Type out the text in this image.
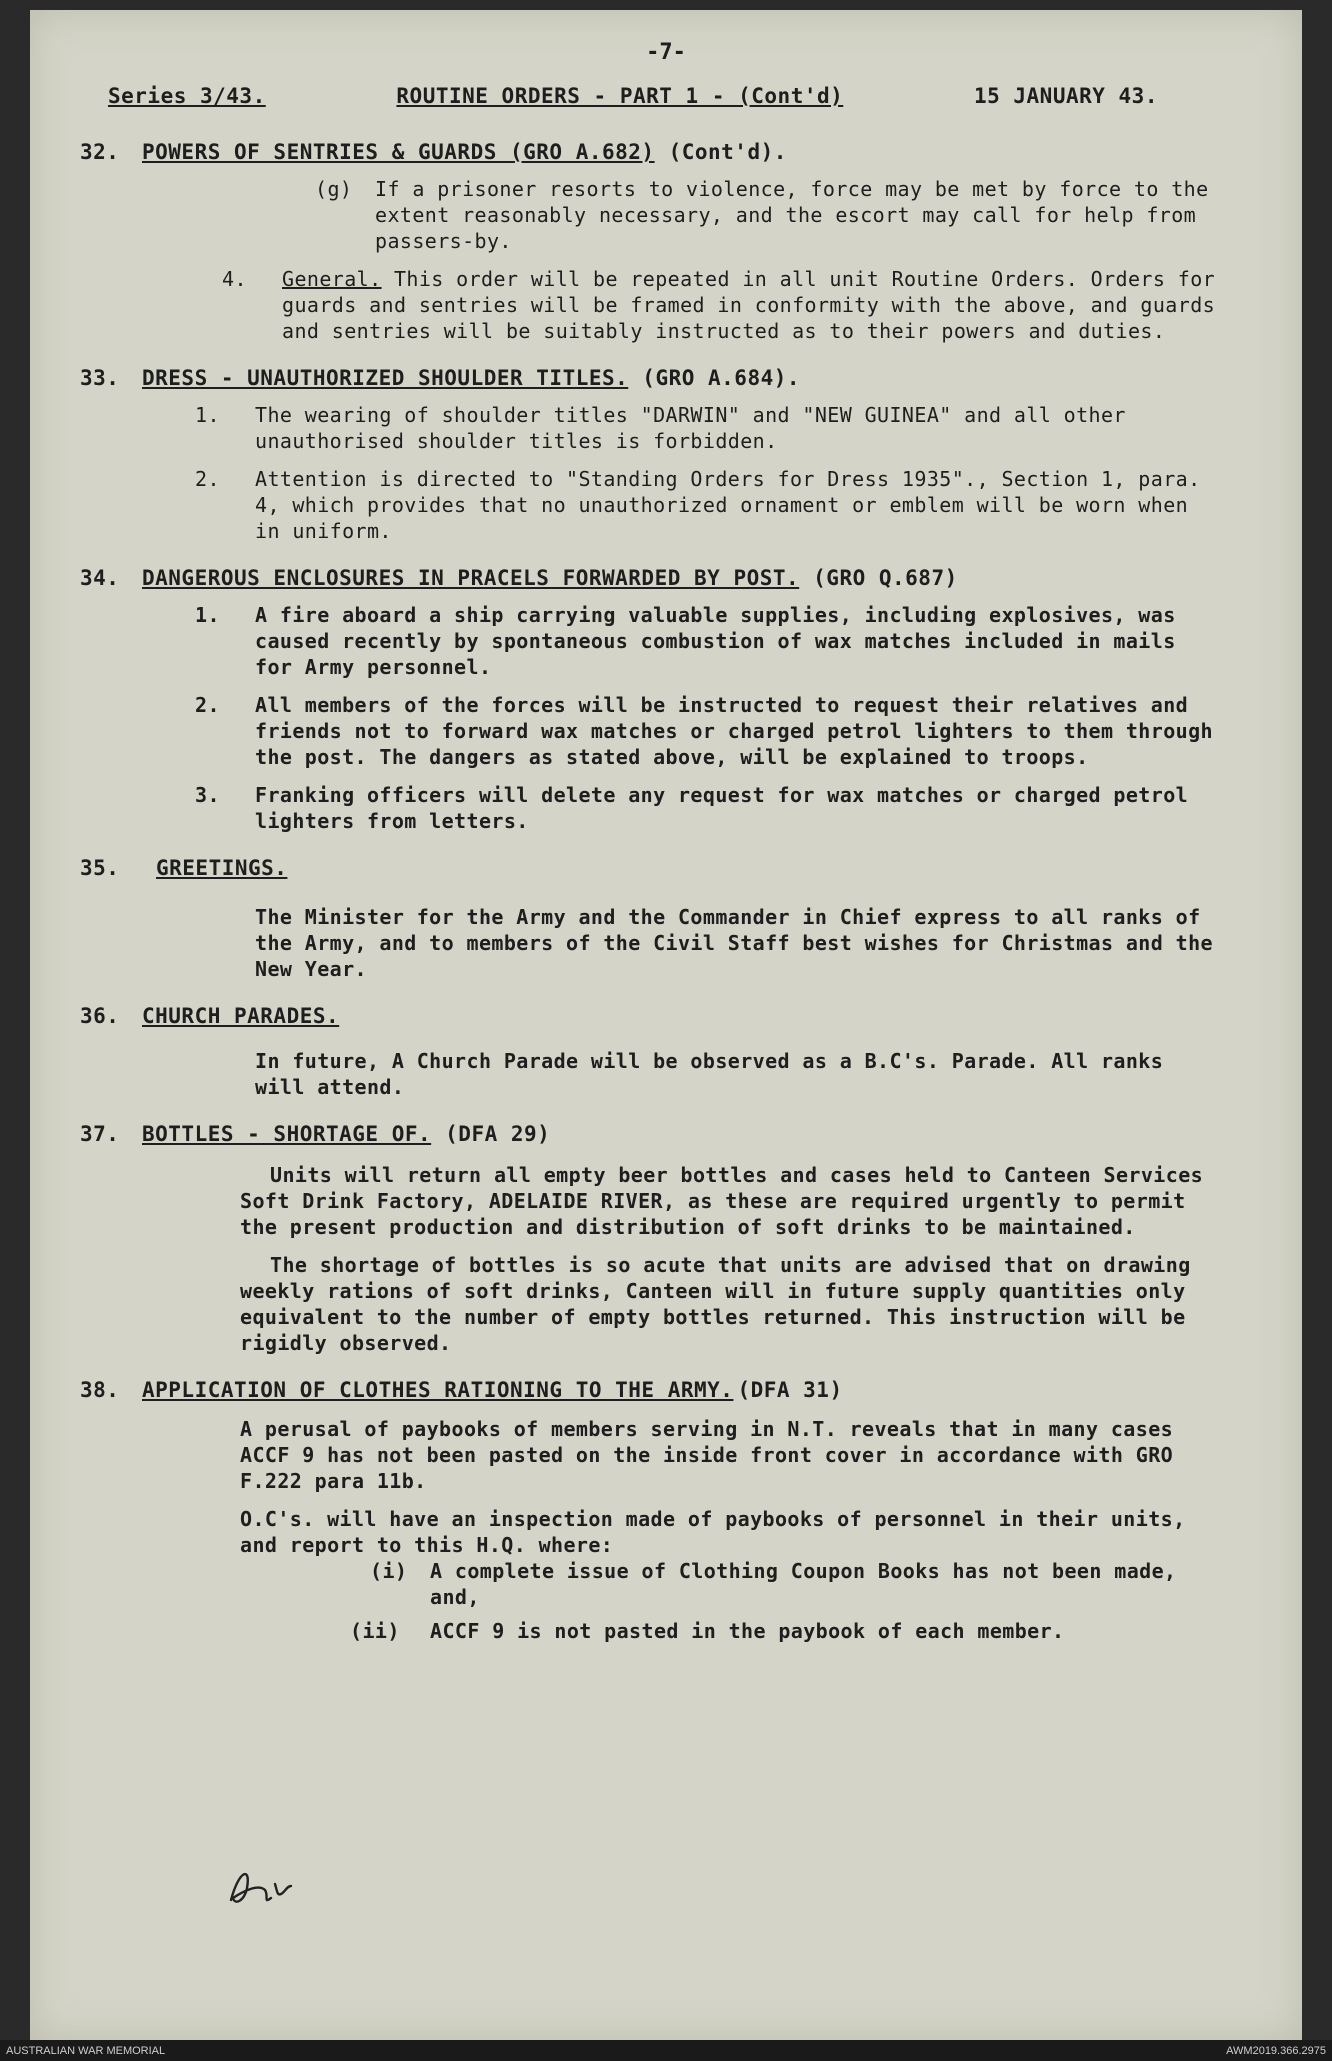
-7-
Series 3/43.	ROUTINE ORDERS - PART 1 - (Cont'd)	15 JANUARY 43.
32.	POWERS OF SENTRIES & GUARDS (GRO A.682) (Cont'd).
(g)	If a prisoner resorts to violence, force may be met by force to the extent reasonably necessary, and the escort may call for help from passers-by.
4.	General. This order will be repeated in all unit Routine Orders. Orders for guards and sentries will be framed in conformity with the above, and guards and sentries will be suitably instructed as to their powers and duties.
33.	DRESS - UNAUTHORIZED SHOULDER TITLES. (GRO A.684).
1.	The wearing of shoulder titles "DARWIN" and "NEW GUINEA" and all other unauthorised shoulder titles is forbidden.
2.	Attention is directed to "Standing Orders for Dress 1935"., Section 1, para. 4, which provides that no unauthorized ornament or emblem will be worn when in uniform.
34.	DANGEROUS ENCLOSURES IN PRACELS FORWARDED BY POST. (GRO Q.687)
1.	A fire aboard a ship carrying valuable supplies, including explosives, was caused recently by spontaneous combustion of wax matches included in mails for Army personnel.
2.	All members of the forces will be instructed to request their relatives and friends not to forward wax matches or charged petrol lighters to them through the post. The dangers as stated above, will be explained to troops.
3.	Franking officers will delete any request for wax matches or charged petrol lighters from letters.
35.	GREETINGS.
The Minister for the Army and the Commander in Chief express to all ranks of the Army, and to members of the Civil Staff best wishes for Christmas and the New Year.
36.	CHURCH PARADES.
In future, A Church Parade will be observed as a B.C's. Parade. All ranks will attend.
37.	BOTTLES - SHORTAGE OF. (DFA 29)
Units will return all empty beer bottles and cases held to Canteen Services Soft Drink Factory, ADELAIDE RIVER, as these are required urgently to permit the present production and distribution of soft drinks to be maintained.
The shortage of bottles is so acute that units are advised that on drawing weekly rations of soft drinks, Canteen will in future supply quantities only equivalent to the number of empty bottles returned. This instruction will be rigidly observed.
38.	APPLICATION OF CLOTHES RATIONING TO THE ARMY. (DFA 31)
A perusal of paybooks of members serving in N.T. reveals that in many cases ACCF 9 has not been pasted on the inside front cover in accordance with GRO F.222 para 11b.
O.C's. will have an inspection made of paybooks of personnel in their units, and report to this H.Q. where:
(i)	A complete issue of Clothing Coupon Books has not been made, and,
(ii)	ACCF 9 is not pasted in the paybook of each member.
AUSTRALIAN WAR MEMORIAL	AWM2019.366.2975
